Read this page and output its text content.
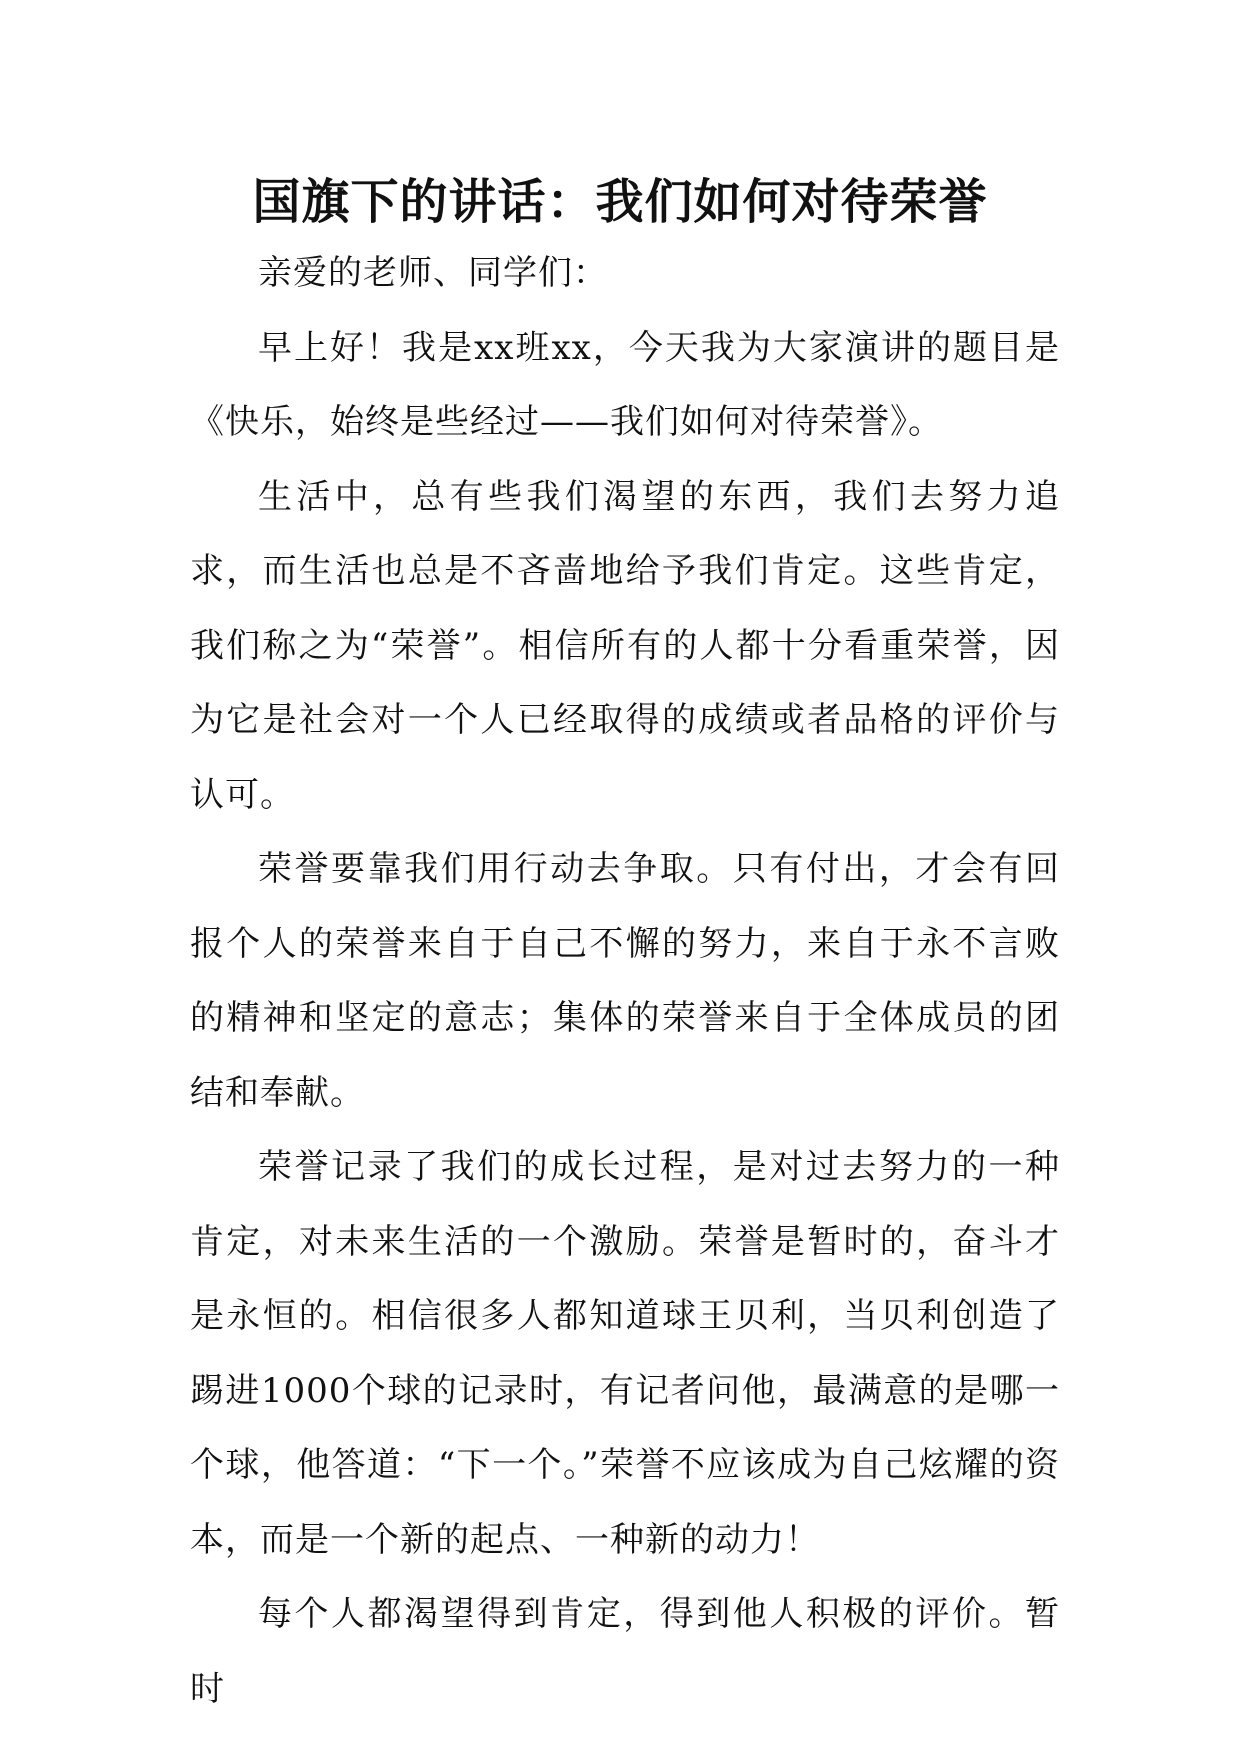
国旗下的讲话：我们如何对待荣誉

亲爱的老师、同学们：

早上好！我是xx班xx，今天我为大家演讲的题目是《快乐，始终是些经过——我们如何对待荣誉》。

生活中，总有些我们渴望的东西，我们去努力追求，而生活也总是不吝啬地给予我们肯定。这些肯定，我们称之为“荣誉”。相信所有的人都十分看重荣誉，因为它是社会对一个人已经取得的成绩或者品格的评价与认可。

荣誉要靠我们用行动去争取。只有付出，才会有回报个人的荣誉来自于自己不懈的努力，来自于永不言败的精神和坚定的意志；集体的荣誉来自于全体成员的团结和奉献。

荣誉记录了我们的成长过程，是对过去努力的一种肯定，对未来生活的一个激励。荣誉是暂时的，奋斗才是永恒的。相信很多人都知道球王贝利，当贝利创造了踢进1000个球的记录时，有记者问他，最满意的是哪一个球，他答道：“下一个。”荣誉不应该成为自己炫耀的资本，而是一个新的起点、一种新的动力！

每个人都渴望得到肯定，得到他人积极的评价。暂时
